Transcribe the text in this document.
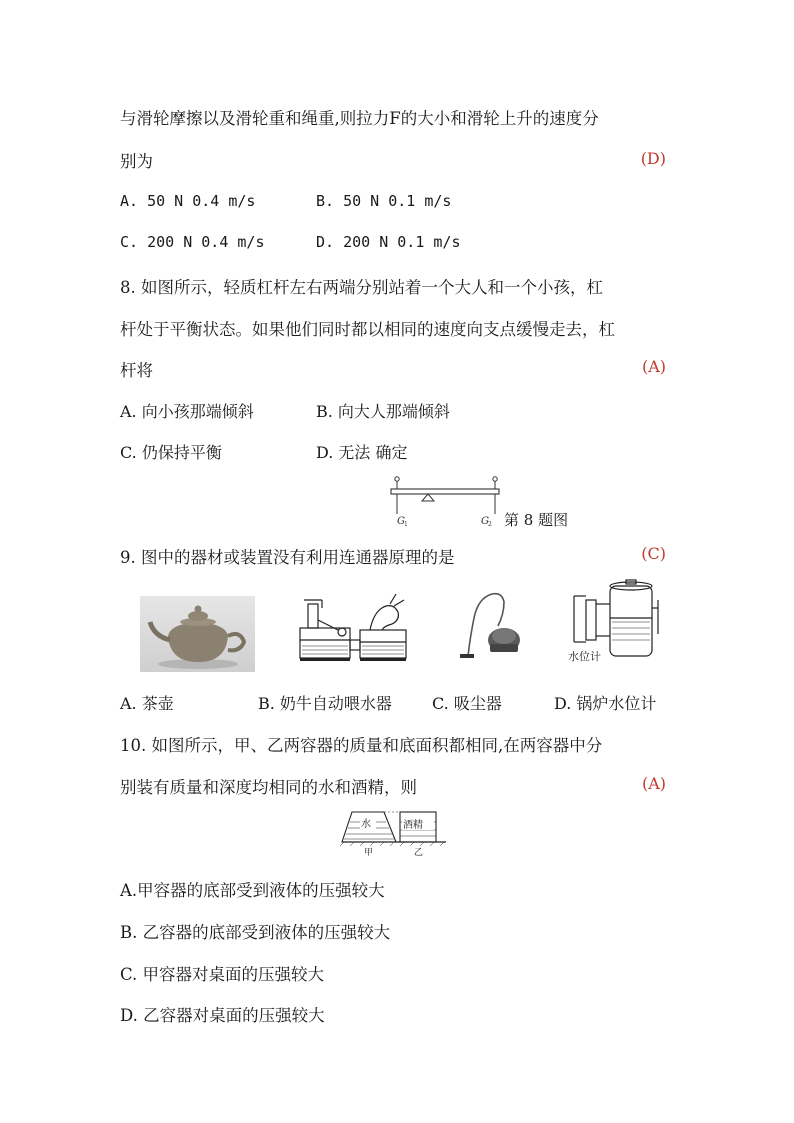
与滑轮摩擦以及滑轮重和绳重,则拉力F的大小和滑轮上升的速度分
别为	(D)
A. 50 N 0.4 m/s	B. 50 N 0.1 m/s
C. 200 N 0.4 m/s	D. 200 N 0.1 m/s
8. 如图所示，轻质杠杆左右两端分别站着一个大人和一个小孩，杠
杆处于平衡状态。如果他们同时都以相同的速度向支点缓慢走去，杠
杆将	(A)
A. 向小孩那端倾斜	B. 向大人那端倾斜
C. 仍保持平衡	D. 无法 确定
G 1	G 2 第 8 题图
9. 图中的器材或装置没有利用连通器原理的是	(C)
水位计
A. 茶壶	B. 奶牛自动喂水器	C. 吸尘器	D. 锅炉水位计
10. 如图所示，甲、乙两容器的质量和底面积都相同,在两容器中分
别装有质量和深度均相同的水和酒精，则	(A)
水	酒精
甲	乙
A.甲容器的底部受到液体的压强较大
B. 乙容器的底部受到液体的压强较大
C. 甲容器对桌面的压强较大
D. 乙容器对桌面的压强较大
